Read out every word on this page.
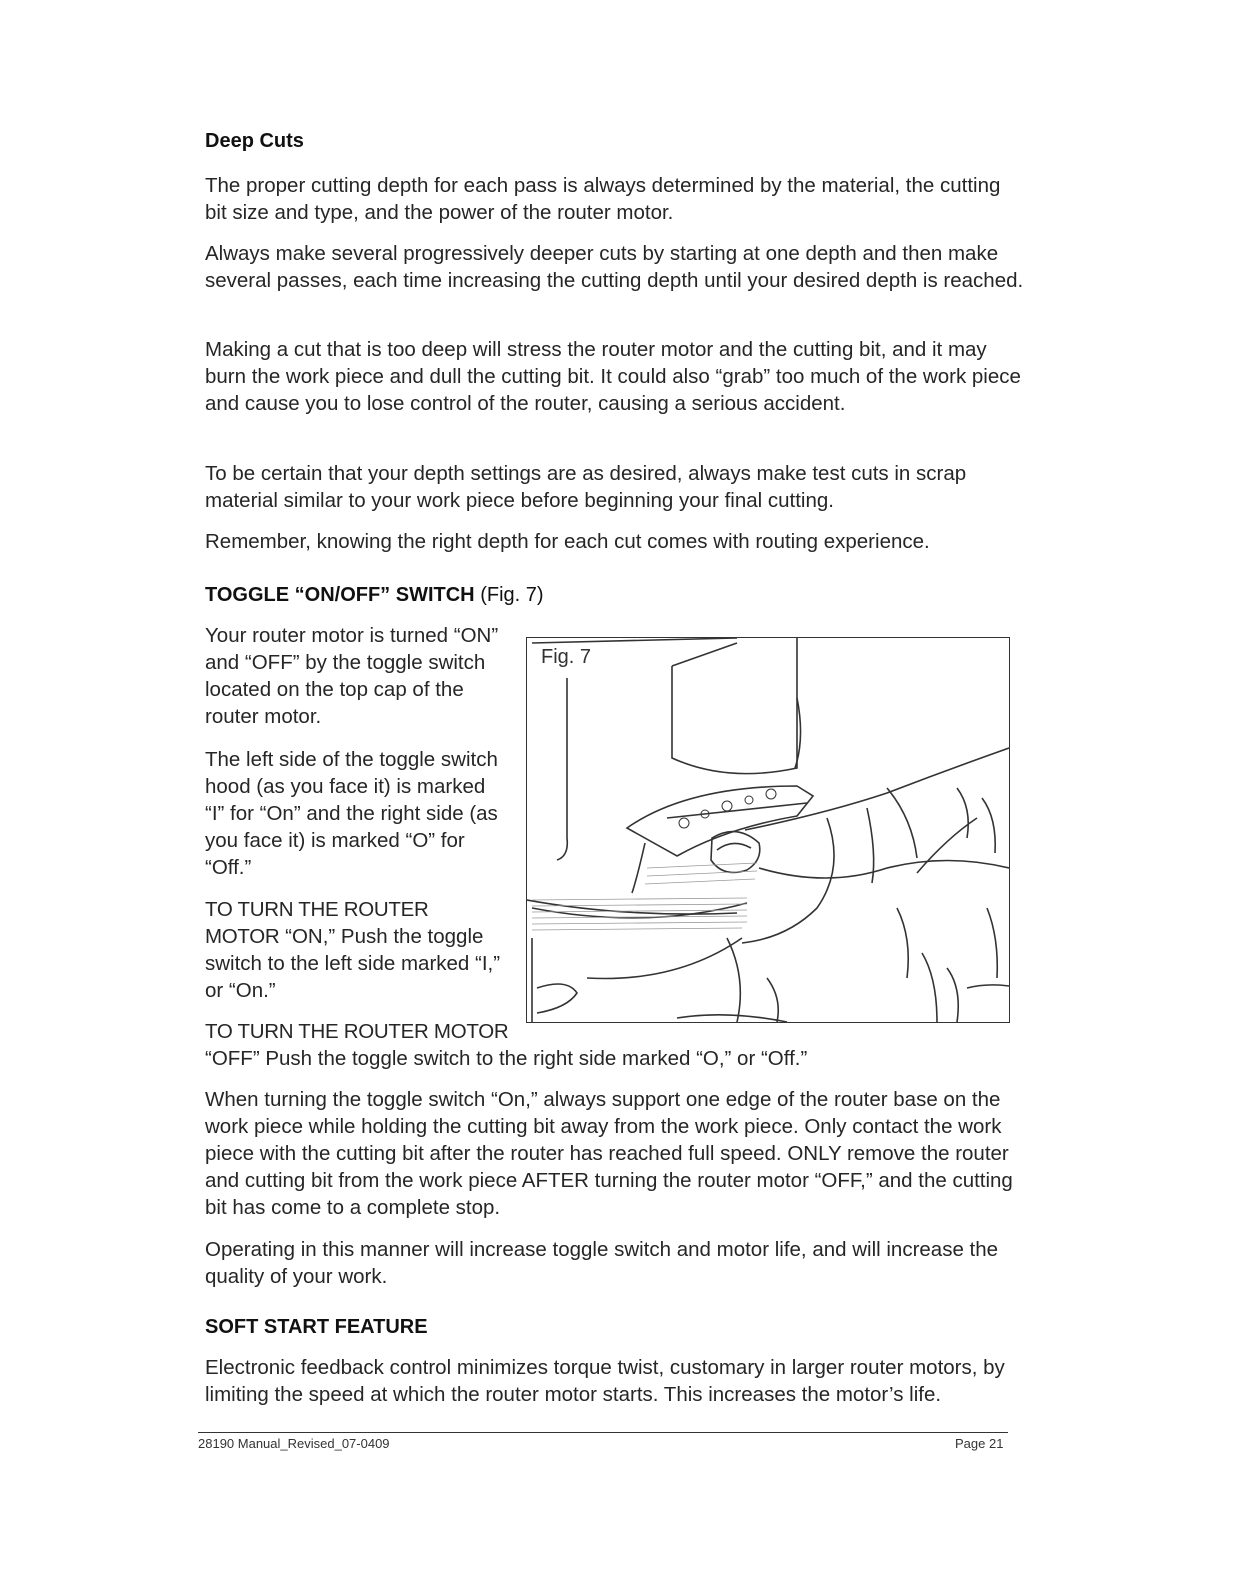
Deep Cuts

The proper cutting depth for each pass is always determined by the material, the cutting bit size and type, and the power of the router motor.

Always make several progressively deeper cuts by starting at one depth and then make several passes, each time increasing the cutting depth until your desired depth is reached.

Making a cut that is too deep will stress the router motor and the cutting bit, and it may burn the work piece and dull the cutting bit. It could also “grab” too much of the work piece and cause you to lose control of the router, causing a serious accident.

To be certain that your depth settings are as desired, always make test cuts in scrap material similar to your work piece before beginning your final cutting.

Remember, knowing the right depth for each cut comes with routing experience.

TOGGLE “ON/OFF” SWITCH (Fig. 7)

Your router motor is turned “ON” and “OFF” by the toggle switch located on the top cap of the router motor.

The left side of the toggle switch hood (as you face it) is marked “I” for “On” and the right side (as you face it) is marked “O” for “Off.”

TO TURN THE ROUTER MOTOR “ON,” Push the toggle switch to the left side marked “I,” or “On.”

TO TURN THE ROUTER MOTOR
“OFF” Push the toggle switch to the right side marked “O,” or “Off.”

Fig. 7

When turning the toggle switch “On,” always support one edge of the router base on the work piece while holding the cutting bit away from the work piece. Only contact the work piece with the cutting bit after the router has reached full speed. ONLY remove the router and cutting bit from the work piece AFTER turning the router motor “OFF,” and the cutting bit has come to a complete stop.

Operating in this manner will increase toggle switch and motor life, and will increase the quality of your work.

SOFT START FEATURE

Electronic feedback control minimizes torque twist, customary in larger router motors, by limiting the speed at which the router motor starts. This increases the motor’s life.

28190 Manual_Revised_07-0409	Page 21
